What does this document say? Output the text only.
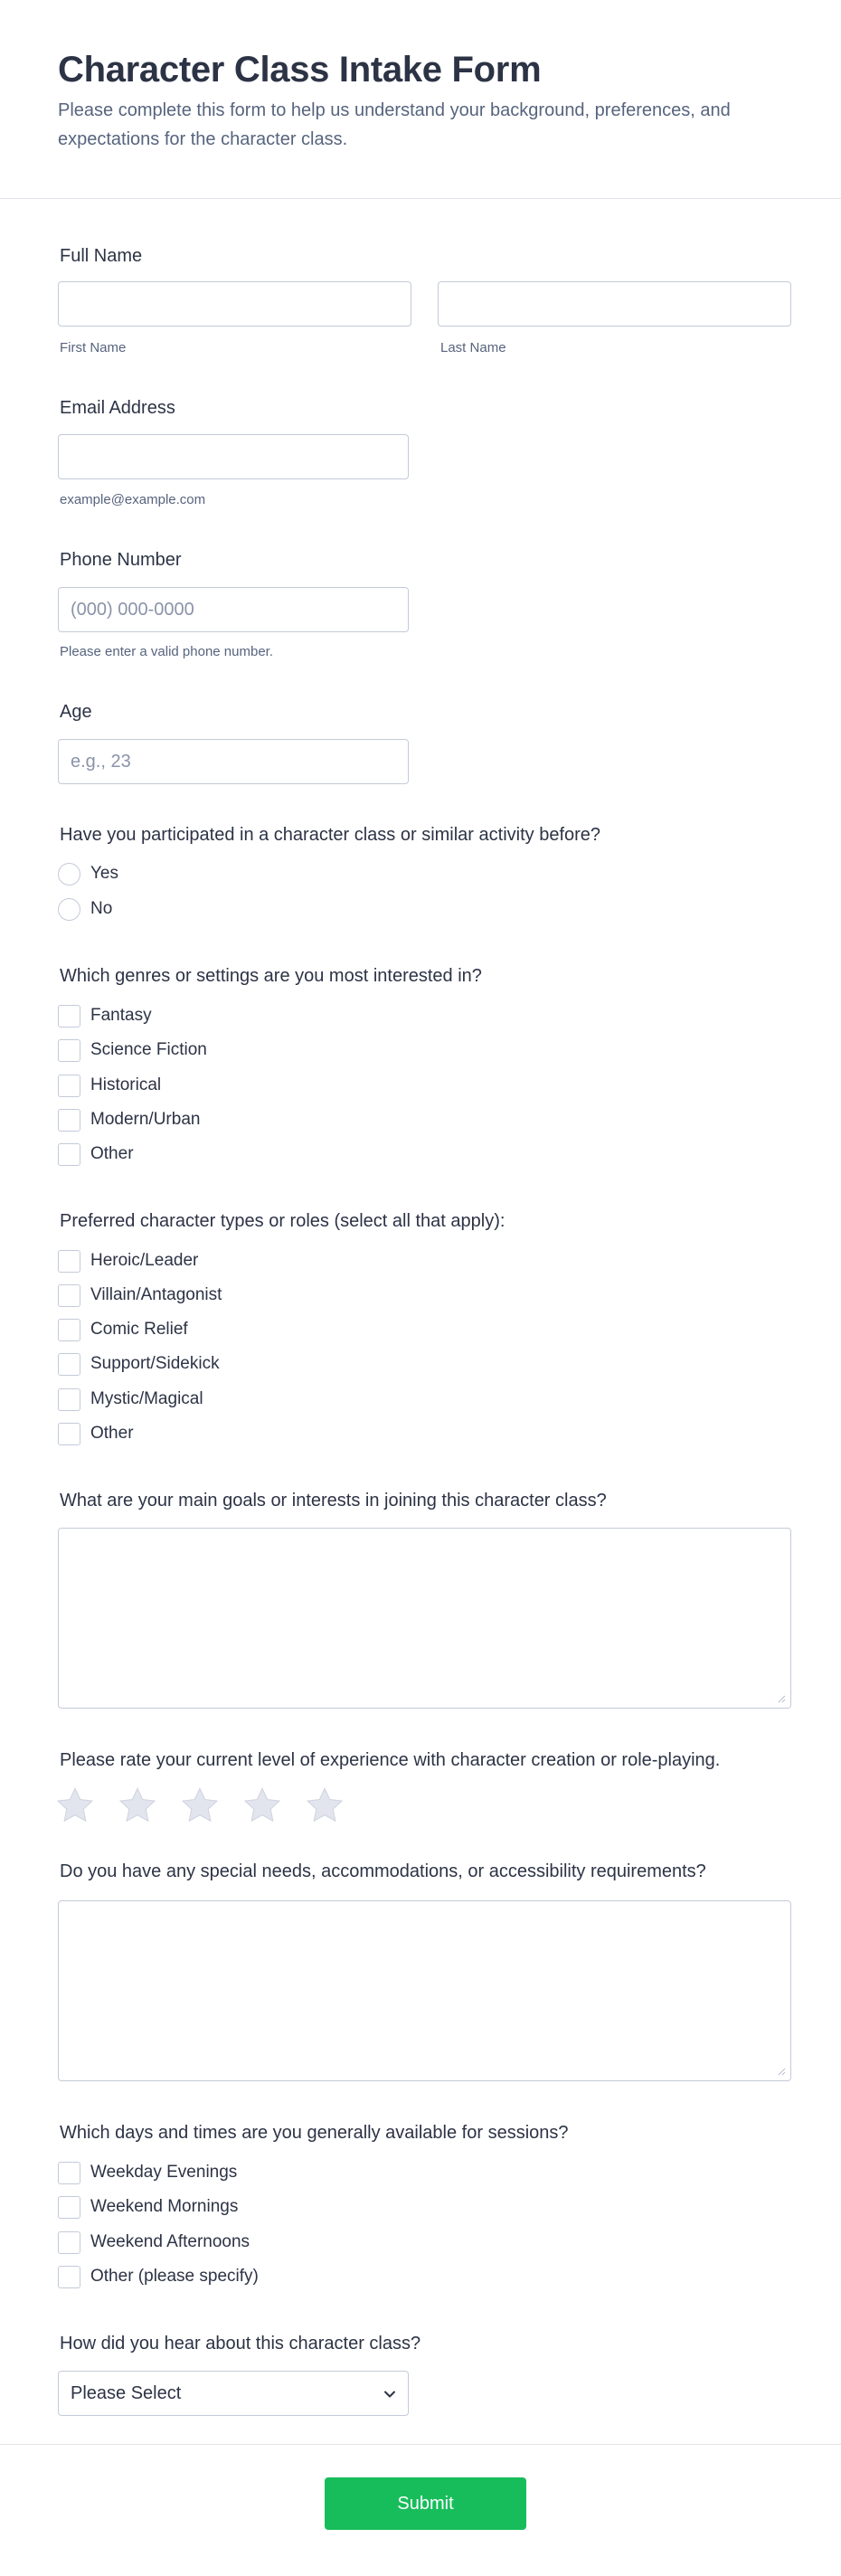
Character Class Intake Form
Please complete this form to help us understand your background, preferences, and expectations for the character class.
Full Name
First Name	Last Name
Email Address
example@example.com
Phone Number
(000) 000-0000
Please enter a valid phone number.
Age
e.g., 23
Have you participated in a character class or similar activity before?
Yes
No
Which genres or settings are you most interested in?
Fantasy
Science Fiction
Historical
Modern/Urban
Other
Preferred character types or roles (select all that apply):
Heroic/Leader
Villain/Antagonist
Comic Relief
Support/Sidekick
Mystic/Magical
Other
What are your main goals or interests in joining this character class?
Please rate your current level of experience with character creation or role-playing.
Do you have any special needs, accommodations, or accessibility requirements?
Which days and times are you generally available for sessions?
Weekday Evenings
Weekend Mornings
Weekend Afternoons
Other (please specify)
How did you hear about this character class?
Please Select
Submit
